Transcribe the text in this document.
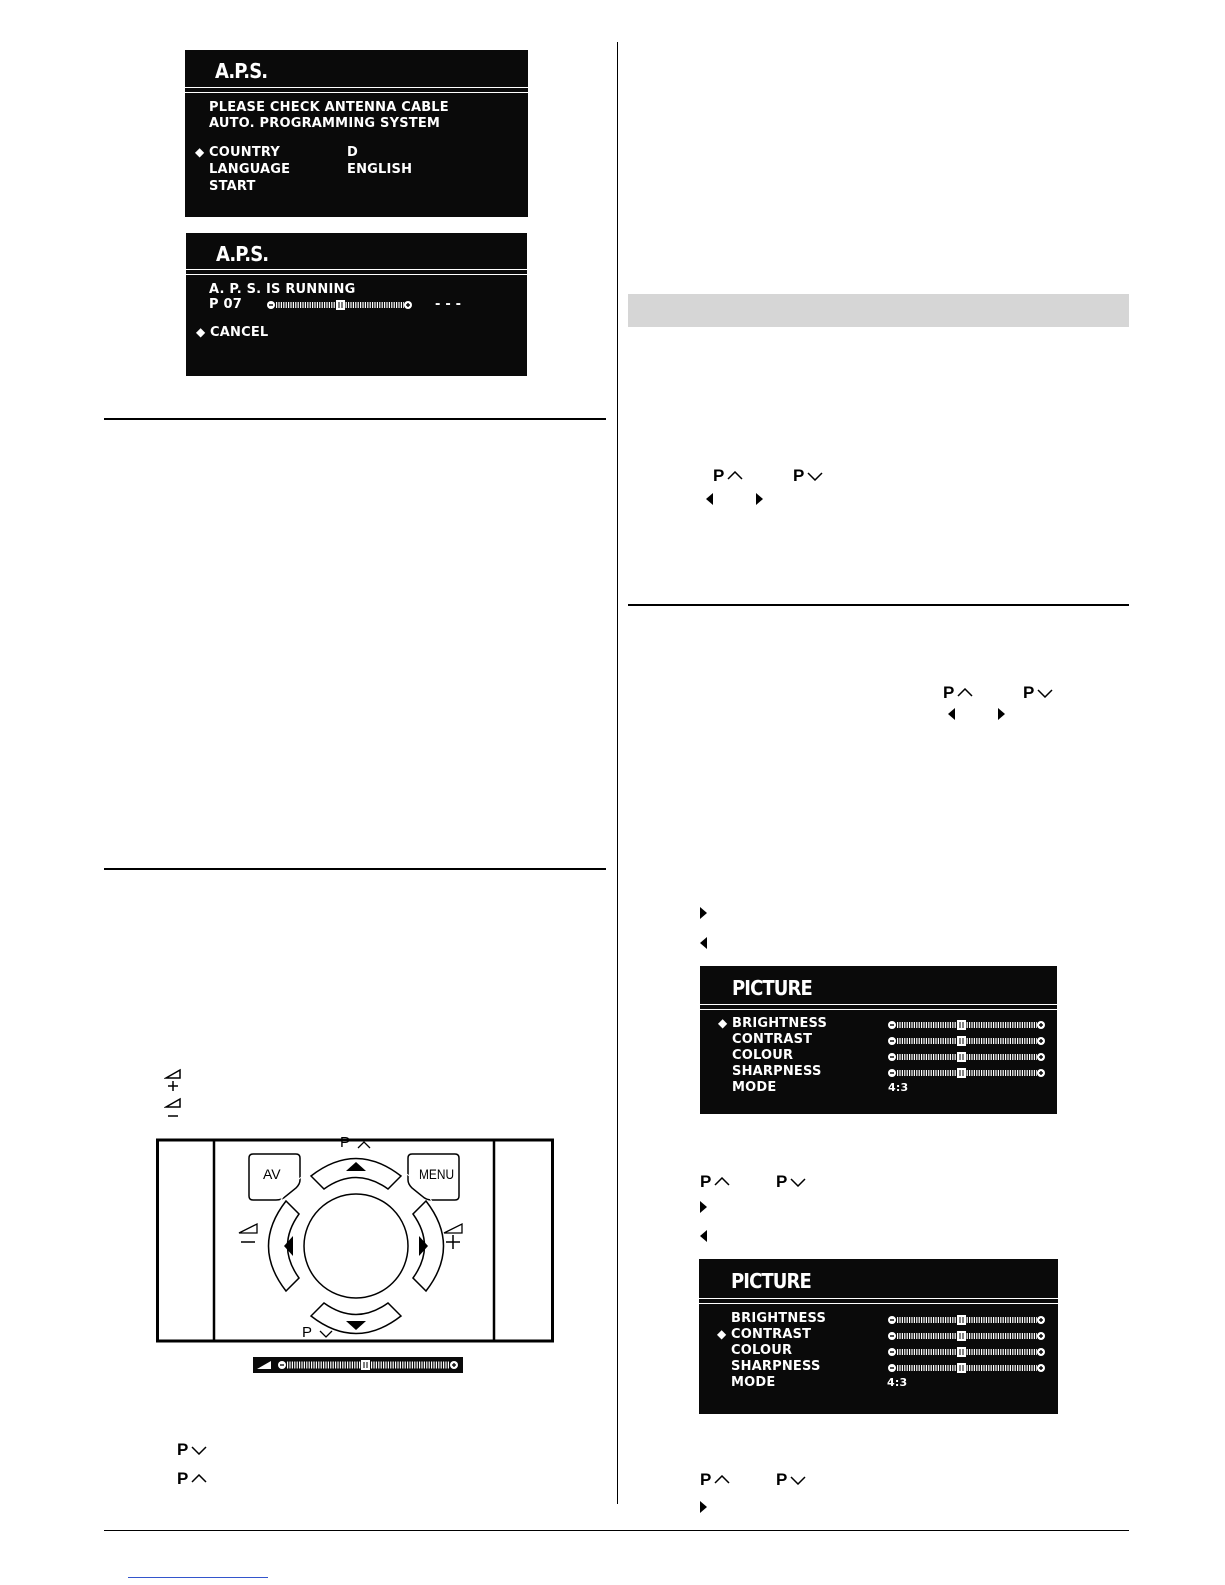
A.P.S.
PLEASE CHECK ANTENNA CABLE
AUTO. PROGRAMMING SYSTEM
◆ COUNTRY	D
LANGUAGE	ENGLISH
START
A.P.S.
A. P. S. IS RUNNING
P 07	- - -
◆ CANCEL
AV	MENU
P
P
P
P
P	P
P	P
PICTURE
◆ BRIGHTNESS
CONTRAST
COLOUR
SHARPNESS
MODE	4:3
P	P
PICTURE
BRIGHTNESS
◆ CONTRAST
COLOUR
SHARPNESS
MODE	4:3
P	P
